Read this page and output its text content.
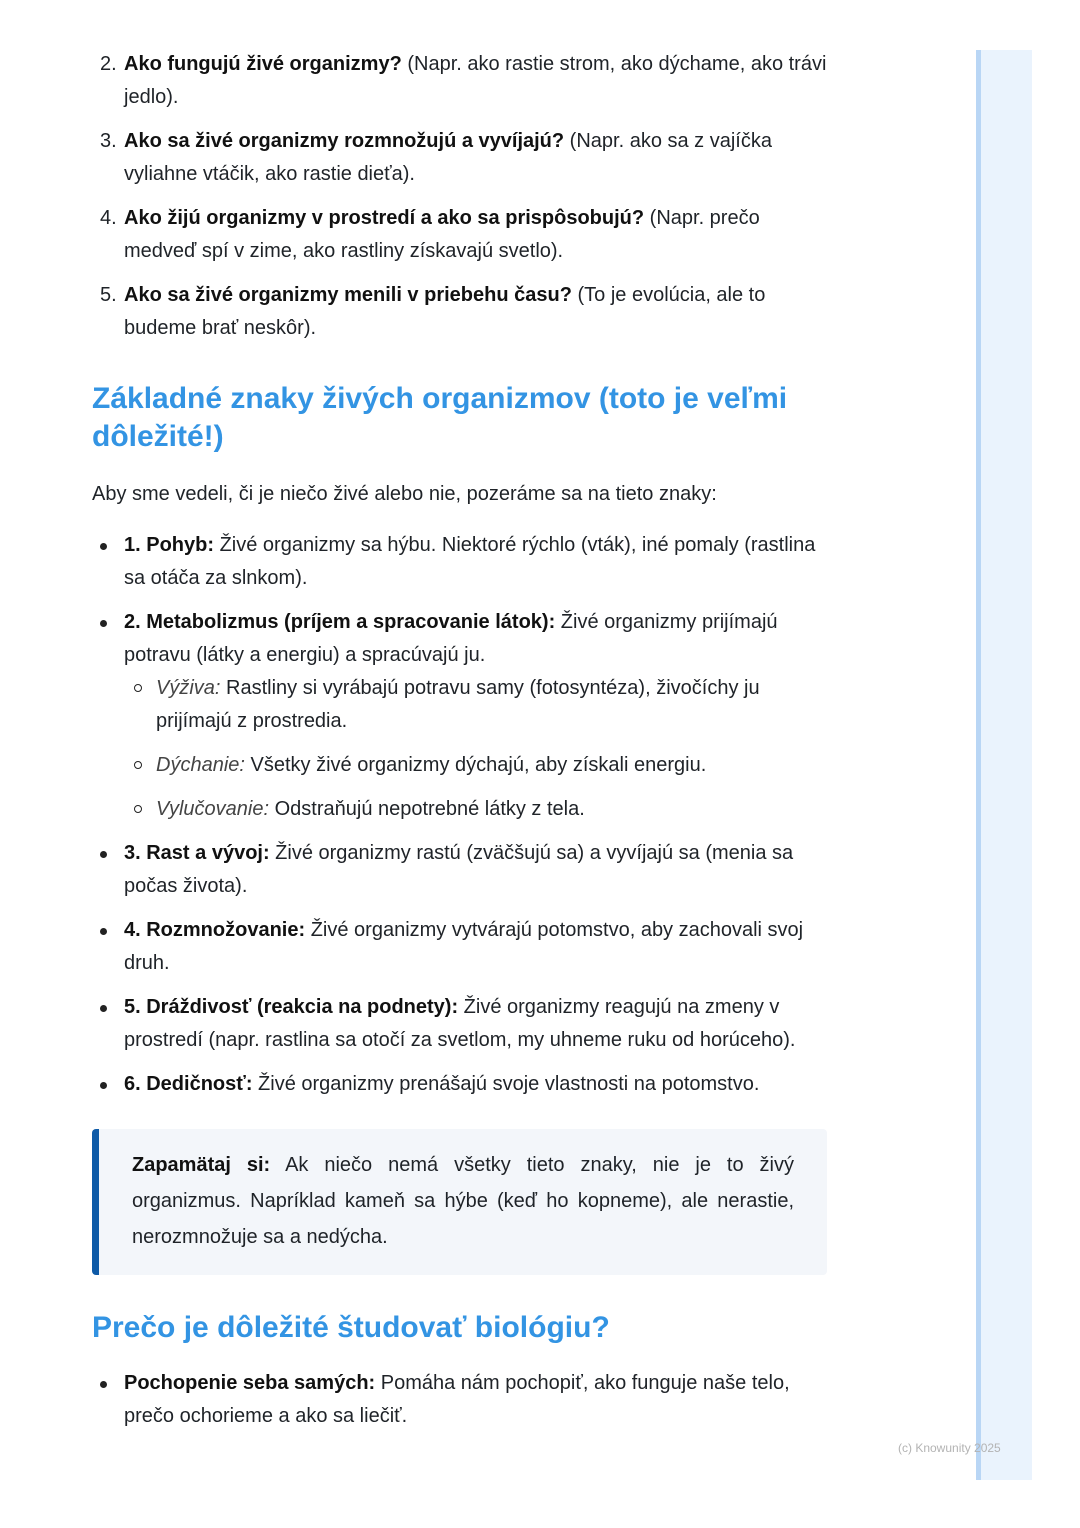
2. Ako fungujú živé organizmy? (Napr. ako rastie strom, ako dýchame, ako trávi jedlo).
3. Ako sa živé organizmy rozmnožujú a vyvíjajú? (Napr. ako sa z vajíčka vyliahne vtáčik, ako rastie dieťa).
4. Ako žijú organizmy v prostredí a ako sa prispôsobujú? (Napr. prečo medveď spí v zime, ako rastliny získavajú svetlo).
5. Ako sa živé organizmy menili v priebehu času? (To je evolúcia, ale to budeme brať neskôr).
Základné znaky živých organizmov (toto je veľmi dôležité!)

Aby sme vedeli, či je niečo živé alebo nie, pozeráme sa na tieto znaky:

1. Pohyb: Živé organizmy sa hýbu. Niektoré rýchlo (vták), iné pomaly (rastlina sa otáča za slnkom).
2. Metabolizmus (príjem a spracovanie látok): Živé organizmy prijímajú potravu (látky a energiu) a spracúvajú ju.
Výživa: Rastliny si vyrábajú potravu samy (fotosyntéza), živočíchy ju prijímajú z prostredia.
Dýchanie: Všetky živé organizmy dýchajú, aby získali energiu.
Vylučovanie: Odstraňujú nepotrebné látky z tela.
3. Rast a vývoj: Živé organizmy rastú (zväčšujú sa) a vyvíjajú sa (menia sa počas života).
4. Rozmnožovanie: Živé organizmy vytvárajú potomstvo, aby zachovali svoj druh.
5. Dráždivosť (reakcia na podnety): Živé organizmy reagujú na zmeny v prostredí (napr. rastlina sa otočí za svetlom, my uhneme ruku od horúceho).
6. Dedičnosť: Živé organizmy prenášajú svoje vlastnosti na potomstvo.
Zapamätaj si: Ak niečo nemá všetky tieto znaky, nie je to živý organizmus. Napríklad kameň sa hýbe (keď ho kopneme), ale nerastie, nerozmnožuje sa a nedýcha.
Prečo je dôležité študovať biológiu?
Pochopenie seba samých: Pomáha nám pochopiť, ako funguje naše telo, prečo ochorieme a ako sa liečiť.
(c) Knowunity 2025
